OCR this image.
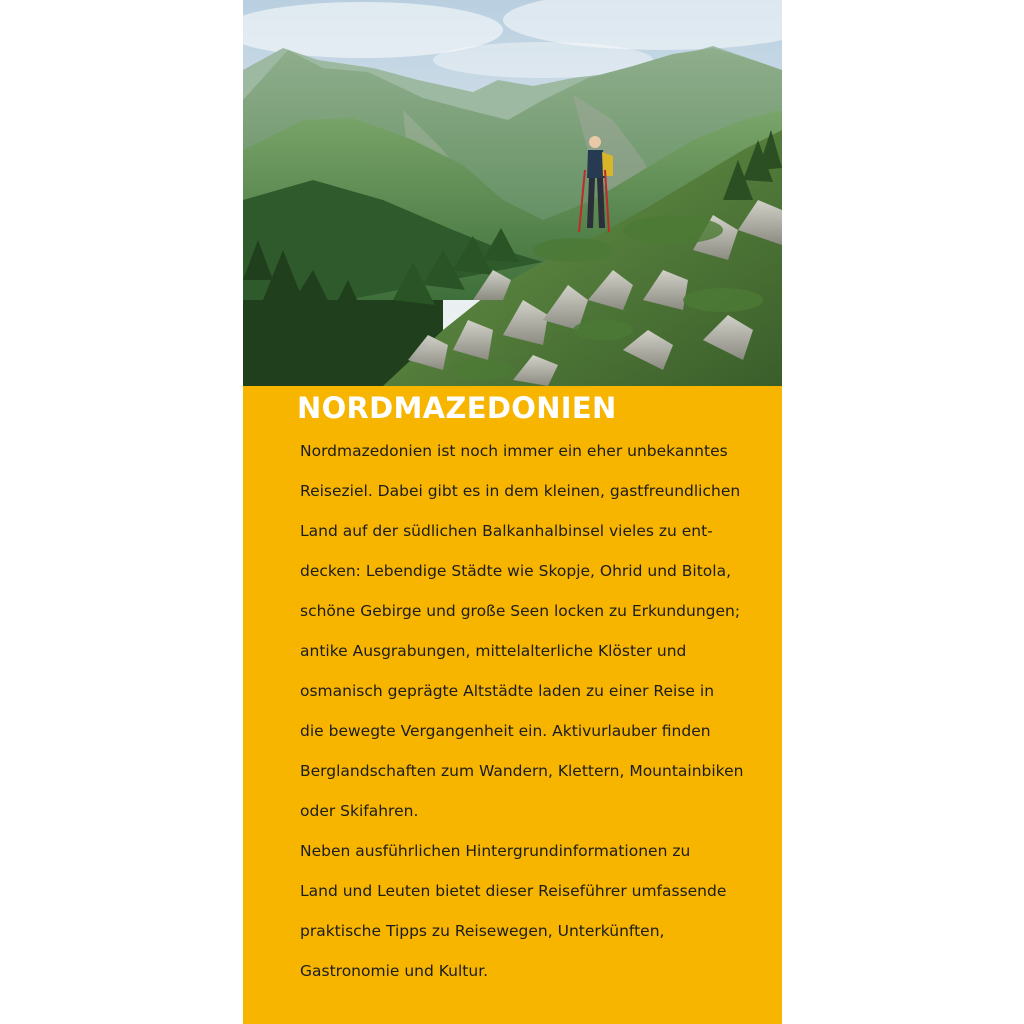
NORDMAZEDONIEN
Nordmazedonien ist noch immer ein eher unbekanntes
Reiseziel. Dabei gibt es in dem kleinen, gastfreundlichen
Land auf der südlichen Balkanhalbinsel vieles zu ent-
decken: Lebendige Städte wie Skopje, Ohrid und Bitola,
schöne Gebirge und große Seen locken zu Erkundungen;
antike Ausgrabungen, mittelalterliche Klöster und
osmanisch geprägte Altstädte laden zu einer Reise in
die bewegte Vergangenheit ein. Aktivurlauber finden
Berglandschaften zum Wandern, Klettern, Mountainbiken
oder Skifahren.
Neben ausführlichen Hintergrundinformationen zu
Land und Leuten bietet dieser Reiseführer umfassende
praktische Tipps zu Reisewegen, Unterkünften,
Gastronomie und Kultur.
